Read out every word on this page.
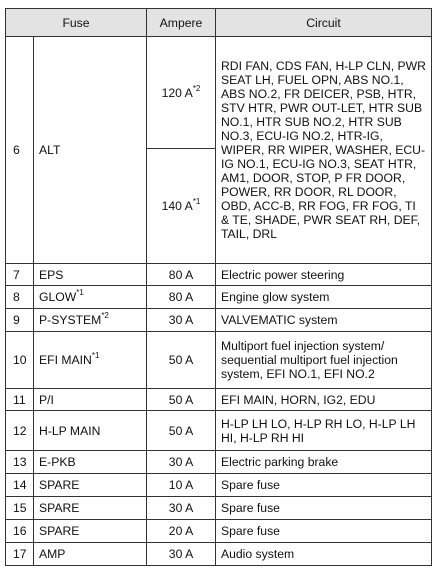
Fuse		Ampere	Circuit
6	ALT	120 $A^{*2}$	RDI FAN, CDS FAN, H-LP CLN, PWR SEAT LH, FUEL OPN, ABS NO.1, ABS NO.2, FR DEICER, PSB, HTR, STV HTR, PWR OUT-LET, HTR SUB NO.1, HTR SUB NO.2, HTR SUB NO.3, ECU-IG NO.2, HTR-IG, WIPER, RR WIPER, WASHER, ECU-IG NO.1, ECU-IG NO.3, SEAT HTR, AM1, DOOR, STOP, P FR DOOR, POWER, RR DOOR, RL DOOR, OBD, ACC-B, RR FOG, FR FOG, TI & TE, SHADE, PWR SEAT RH, DEF, TAIL, DRL
		140 $A^{*1}$
7	EPS	80 A	Electric power steering
8	GLOW$^{*1}$	80 A	Engine glow system
9	P-SYSTEM$^{*2}$	30 A	VALVEMATIC system
10	EFI MAIN$^{*1}$	50 A	Multiport fuel injection system/ sequential multiport fuel injection system, EFI NO.1, EFI NO.2
11	P/I	50 A	EFI MAIN, HORN, IG2, EDU
12	H-LP MAIN	50 A	H-LP LH LO, H-LP RH LO, H-LP LH HI, H-LP RH HI
13	E-PKB	30 A	Electric parking brake
14	SPARE	10 A	Spare fuse
15	SPARE	30 A	Spare fuse
16	SPARE	20 A	Spare fuse
17	AMP	30 A	Audio system
